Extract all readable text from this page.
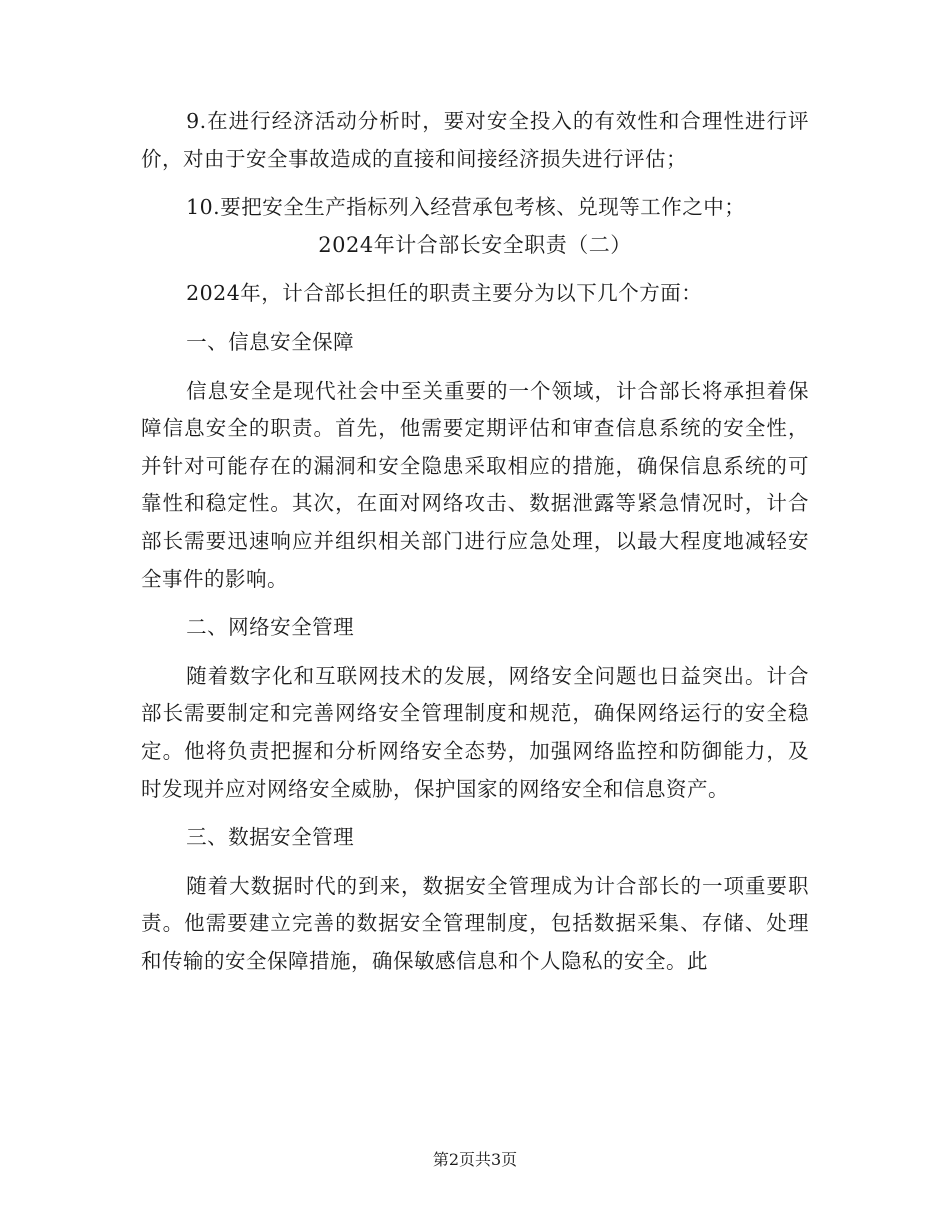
9.在进行经济活动分析时，要对安全投入的有效性和合理性进行评价，对由于安全事故造成的直接和间接经济损失进行评估；

10.要把安全生产指标列入经营承包考核、兑现等工作之中；

2024年计合部长安全职责（二）

2024年，计合部长担任的职责主要分为以下几个方面：

一、信息安全保障

信息安全是现代社会中至关重要的一个领域，计合部长将承担着保障信息安全的职责。首先，他需要定期评估和审查信息系统的安全性，并针对可能存在的漏洞和安全隐患采取相应的措施，确保信息系统的可靠性和稳定性。其次，在面对网络攻击、数据泄露等紧急情况时，计合部长需要迅速响应并组织相关部门进行应急处理，以最大程度地减轻安全事件的影响。

二、网络安全管理

随着数字化和互联网技术的发展，网络安全问题也日益突出。计合部长需要制定和完善网络安全管理制度和规范，确保网络运行的安全稳定。他将负责把握和分析网络安全态势，加强网络监控和防御能力，及时发现并应对网络安全威胁，保护国家的网络安全和信息资产。

三、数据安全管理

随着大数据时代的到来，数据安全管理成为计合部长的一项重要职责。他需要建立完善的数据安全管理制度，包括数据采集、存储、处理和传输的安全保障措施，确保敏感信息和个人隐私的安全。此

第2页共3页
